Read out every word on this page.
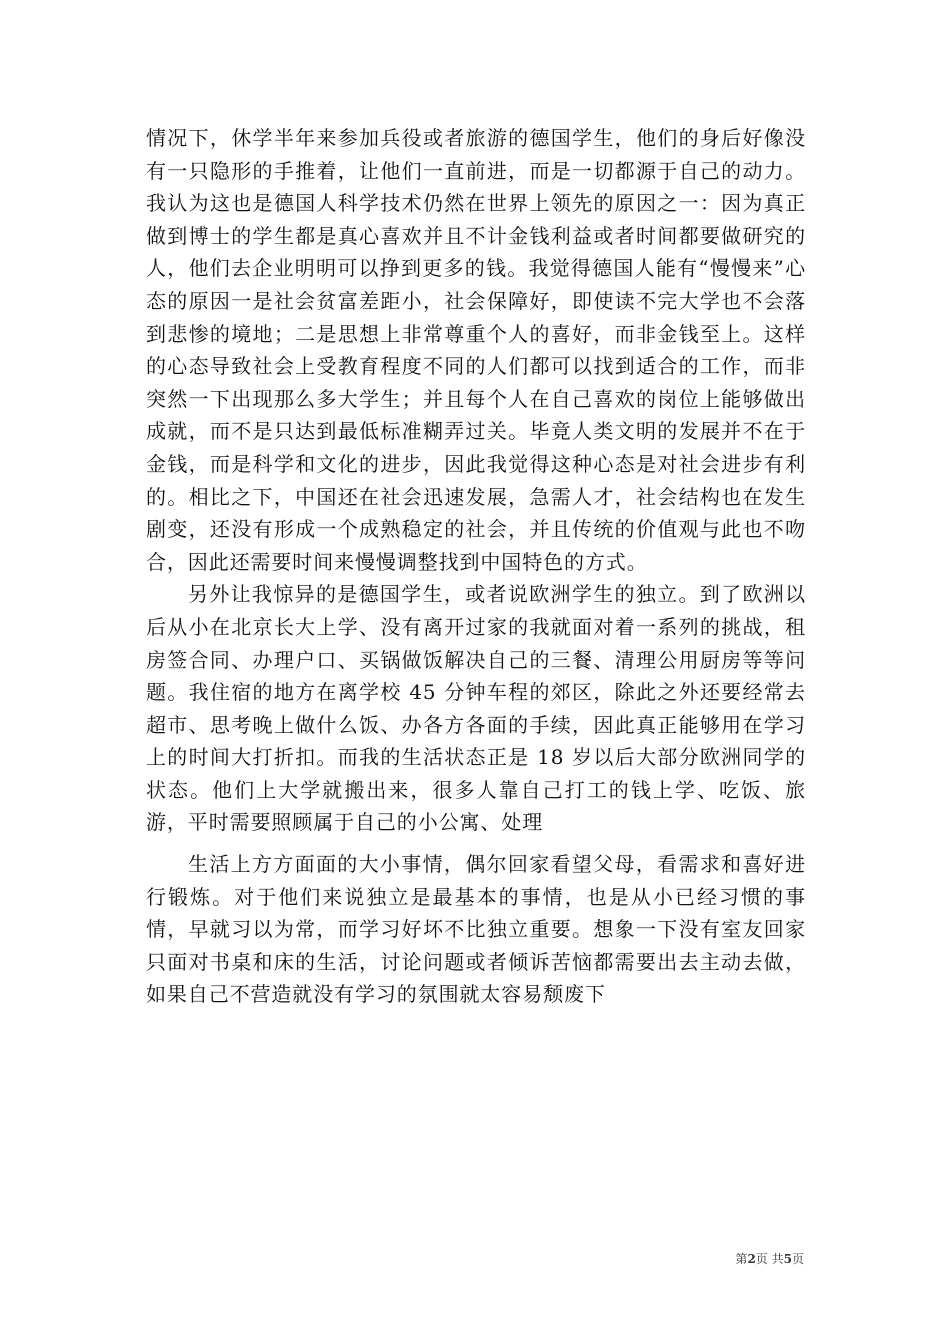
情况下，休学半年来参加兵役或者旅游的德国学生，他们的身后好像没有一只隐形的手推着，让他们一直前进，而是一切都源于自己的动力。我认为这也是德国人科学技术仍然在世界上领先的原因之一：因为真正做到博士的学生都是真心喜欢并且不计金钱利益或者时间都要做研究的人，他们去企业明明可以挣到更多的钱。我觉得德国人能有“慢慢来”心态的原因一是社会贫富差距小，社会保障好，即使读不完大学也不会落到悲惨的境地；二是思想上非常尊重个人的喜好，而非金钱至上。这样的心态导致社会上受教育程度不同的人们都可以找到适合的工作，而非突然一下出现那么多大学生；并且每个人在自己喜欢的岗位上能够做出成就，而不是只达到最低标准糊弄过关。毕竟人类文明的发展并不在于金钱，而是科学和文化的进步，因此我觉得这种心态是对社会进步有利的。相比之下，中国还在社会迅速发展，急需人才，社会结构也在发生剧变，还没有形成一个成熟稳定的社会，并且传统的价值观与此也不吻合，因此还需要时间来慢慢调整找到中国特色的方式。

另外让我惊异的是德国学生，或者说欧洲学生的独立。到了欧洲以后从小在北京长大上学、没有离开过家的我就面对着一系列的挑战，租房签合同、办理户口、买锅做饭解决自己的三餐、清理公用厨房等等问题。我住宿的地方在离学校 45 分钟车程的郊区，除此之外还要经常去超市、思考晚上做什么饭、办各方各面的手续，因此真正能够用在学习上的时间大打折扣。而我的生活状态正是 18 岁以后大部分欧洲同学的状态。他们上大学就搬出来，很多人靠自己打工的钱上学、吃饭、旅游，平时需要照顾属于自己的小公寓、处理

生活上方方面面的大小事情，偶尔回家看望父母，看需求和喜好进行锻炼。对于他们来说独立是最基本的事情，也是从小已经习惯的事情，早就习以为常，而学习好坏不比独立重要。想象一下没有室友回家只面对书桌和床的生活，讨论问题或者倾诉苦恼都需要出去主动去做，如果自己不营造就没有学习的氛围就太容易颓废下

第2页 共5页
